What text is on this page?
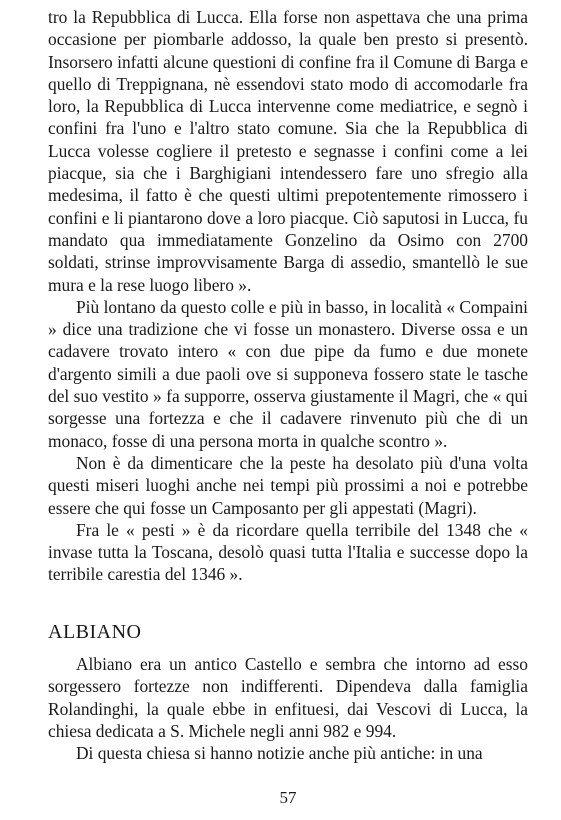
tro la Repubblica di Lucca. Ella forse non aspettava che una prima occasione per piombarle addosso, la quale ben presto si presentò. Insorsero infatti alcune questioni di confine fra il Comune di Barga e quello di Treppignana, nè essendovi stato modo di accomodarle fra loro, la Repubblica di Lucca intervenne come mediatrice, e segnò i confini fra l'uno e l'altro stato comune. Sia che la Repubblica di Lucca volesse cogliere il pretesto e segnasse i confini come a lei piacque, sia che i Barghigiani intendessero fare uno sfregio alla medesima, il fatto è che questi ultimi prepotentemente rimossero i confini e li piantarono dove a loro piacque. Ciò saputosi in Lucca, fu mandato qua immediatamente Gonzelino da Osimo con 2700 soldati, strinse improvvisamente Barga di assedio, smantellò le sue mura e la rese luogo libero ».

Più lontano da questo colle e più in basso, in località « Compaini » dice una tradizione che vi fosse un monastero. Diverse ossa e un cadavere trovato intero « con due pipe da fumo e due monete d'argento simili a due paoli ove si supponeva fossero state le tasche del suo vestito » fa supporre, osserva giustamente il Magri, che « qui sorgesse una fortezza e che il cadavere rinvenuto più che di un monaco, fosse di una persona morta in qualche scontro ».

Non è da dimenticare che la peste ha desolato più d'una volta questi miseri luoghi anche nei tempi più prossimi a noi e potrebbe essere che qui fosse un Camposanto per gli appestati (Magri).

Fra le « pesti » è da ricordare quella terribile del 1348 che « invase tutta la Toscana, desolò quasi tutta l'Italia e successe dopo la terribile carestia del 1346 ».

ALBIANO

Albiano era un antico Castello e sembra che intorno ad esso sorgessero fortezze non indifferenti. Dipendeva dalla famiglia Rolandinghi, la quale ebbe in enfituesi, dai Vescovi di Lucca, la chiesa dedicata a S. Michele negli anni 982 e 994.

Di questa chiesa si hanno notizie anche più antiche: in una

57
